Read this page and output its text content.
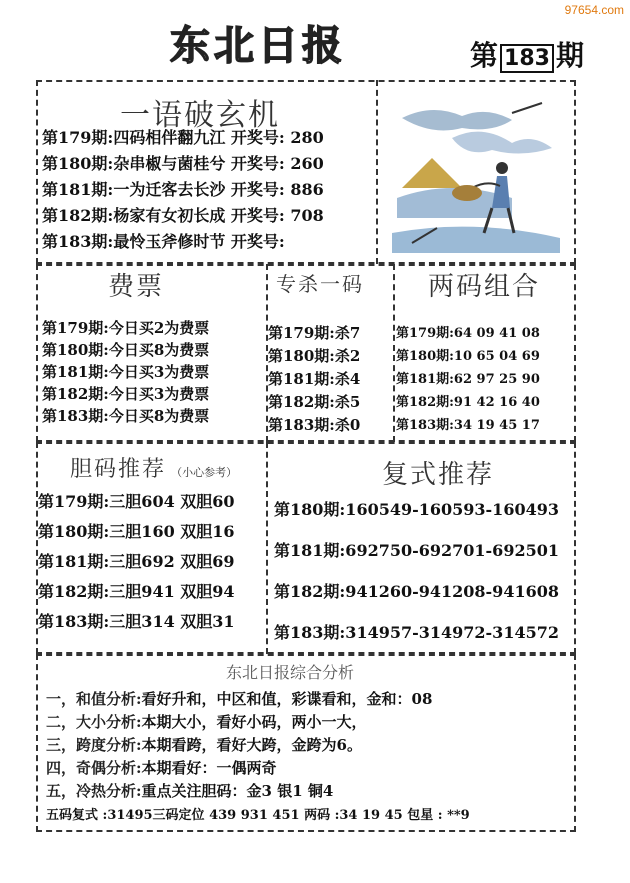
97654.com
东北日报	第 183 期
一语破玄机
第179期:四码相伴翻九江 开奖号: 280
第180期:杂串椒与菌桂兮 开奖号: 260
第181期:一为迁客去长沙 开奖号: 886
第182期:杨家有女初长成 开奖号: 708
第183期:最怜玉斧修时节 开奖号:
费票
第179期:今日买2为费票
第180期:今日买8为费票
第181期:今日买3为费票
第182期:今日买3为费票
第183期:今日买8为费票
专杀一码
第179期:杀7
第180期:杀2
第181期:杀4
第182期:杀5
第183期:杀0
两码组合
第179期:64 09 41 08
第180期:10 65 04 69
第181期:62 97 25 90
第182期:91 42 16 40
第183期:34 19 45 17
胆码推荐 （小心参考）
第179期:三胆604 双胆60
第180期:三胆160 双胆16
第181期:三胆692 双胆69
第182期:三胆941 双胆94
第183期:三胆314 双胆31
复式推荐
第180期:160549-160593-160493
第181期:692750-692701-692501
第182期:941260-941208-941608
第183期:314957-314972-314572
东北日报综合分析
一，和值分析:看好升和，中区和值，彩谍看和，金和：08
二，大小分析:本期大小，看好小码，两小一大，
三，跨度分析:本期看跨，看好大跨，金跨为6。
四，奇偶分析:本期看好：一偶两奇
五，冷热分析:重点关注胆码：金3 银1 铜4
五码复式 :31495三码定位 439 931 451 两码 :34 19 45 包星 : **9
